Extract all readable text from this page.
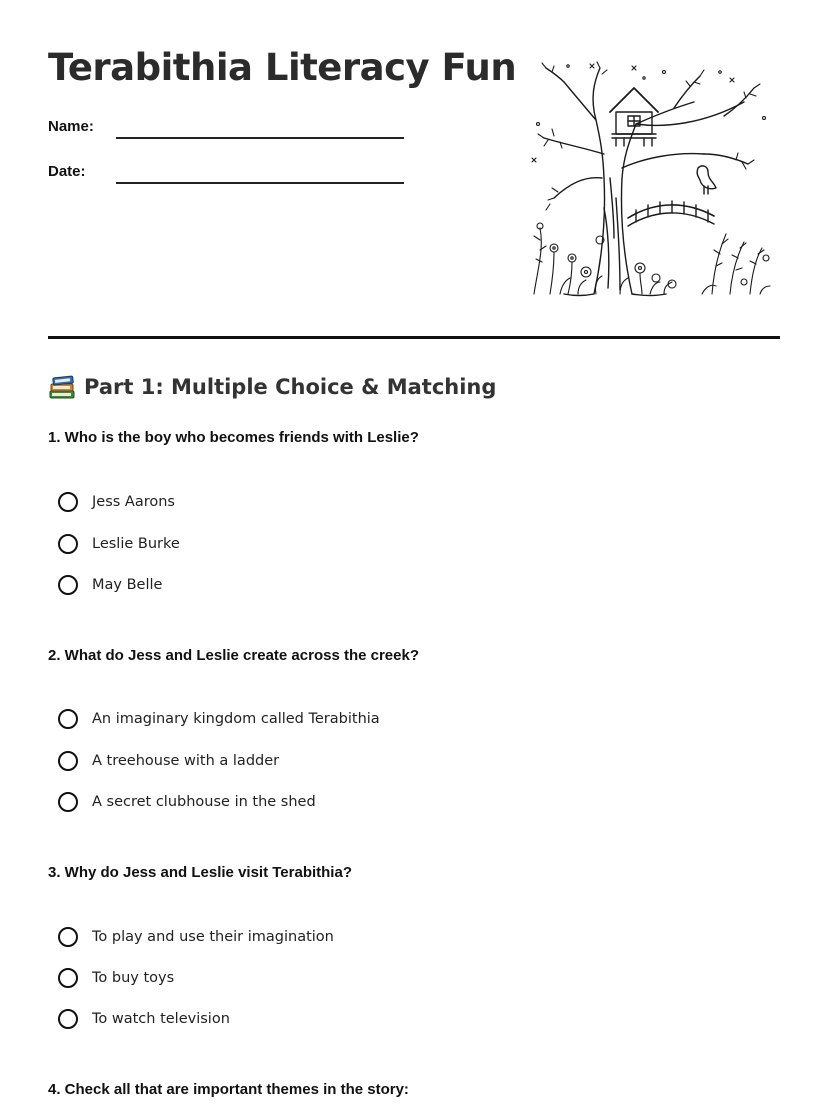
Terabithia Literacy Fun
Name:
Date:
Part 1: Multiple Choice & Matching
1. Who is the boy who becomes friends with Leslie?
Jess Aarons
Leslie Burke
May Belle
2. What do Jess and Leslie create across the creek?
An imaginary kingdom called Terabithia
A treehouse with a ladder
A secret clubhouse in the shed
3. Why do Jess and Leslie visit Terabithia?
To play and use their imagination
To buy toys
To watch television
4. Check all that are important themes in the story:
